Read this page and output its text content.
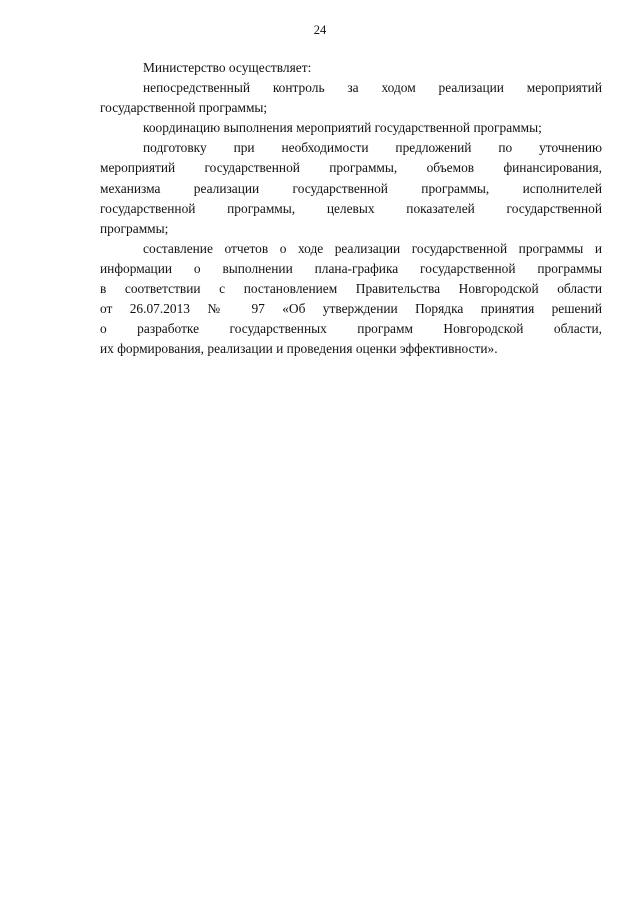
24

Министерство осуществляет:

непосредственный контроль за ходом реализации мероприятий
государственной программы;

координацию выполнения мероприятий государственной программы;

подготовку при необходимости предложений по уточнению
мероприятий государственной программы, объемов финансирования,
механизма реализации государственной программы, исполнителей
государственной программы, целевых показателей государственной
программы;

составление отчетов о ходе реализации государственной программы и
информации о выполнении плана-графика государственной программы
в соответствии с постановлением Правительства Новгородской области
от 26.07.2013 № 97 «Об утверждении Порядка принятия решений
о разработке государственных программ Новгородской области,
их формирования, реализации и проведения оценки эффективности».
